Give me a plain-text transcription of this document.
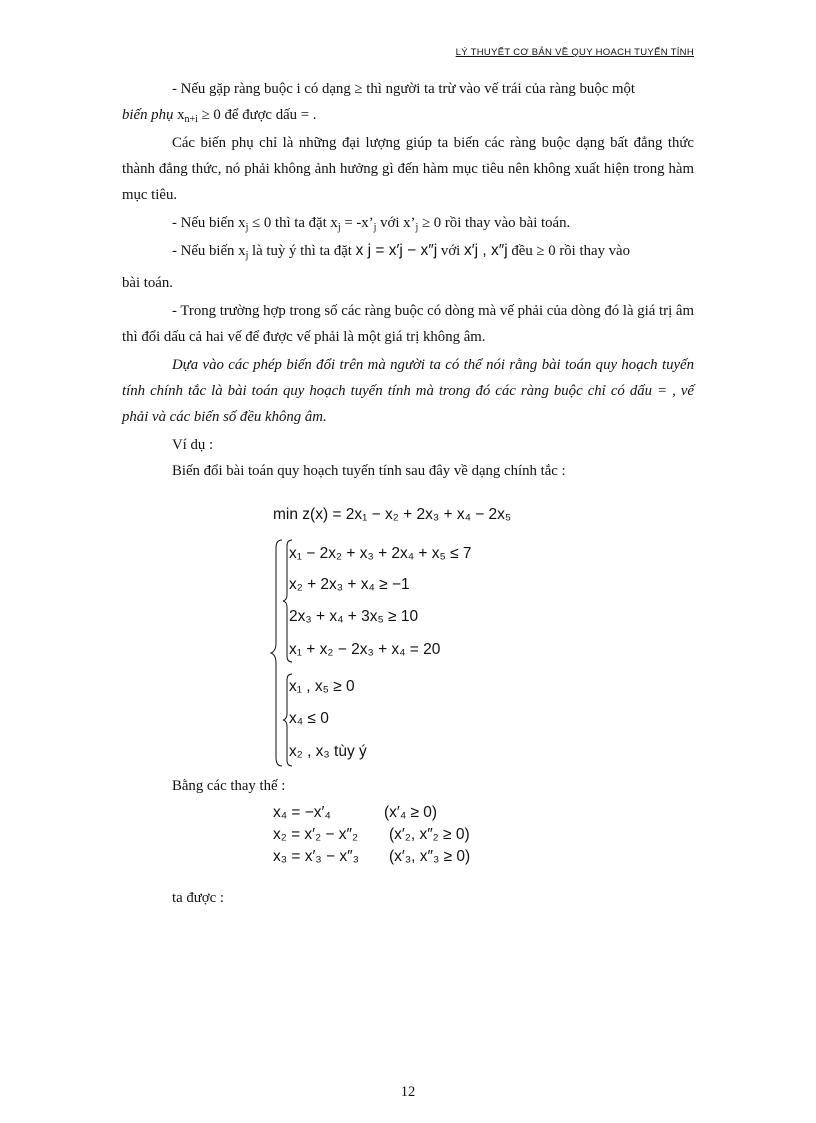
LÝ THUYẾT CƠ BẢN VỀ QUY HOẠCH TUYẾN TÍNH

- Nếu gặp ràng buộc i có dạng ≥ thì người ta trừ vào vế trái của ràng buộc một

biến phụ $x_{n+i} \ge 0$ để được dấu = .

Các biến phụ chỉ là những đại lượng giúp ta biến các ràng buộc dạng bất đẳng thức thành đẳng thức, nó phải không ảnh hưởng gì đến hàm mục tiêu nên không xuất hiện trong hàm mục tiêu.

- Nếu biến $x_j \le 0$ thì ta đặt $x_j$ = $-x’_j$ với $x’_j \ge 0$ rồi thay vào bài toán.

- Nếu biến $x_j$ là tuỳ ý thì ta đặt x j = x′j − x″j với x′j , x″j đều ≥ 0 rồi thay vào

bài toán.

- Trong trường hợp trong số các ràng buộc có dòng mà vế phải của dòng đó là giá trị âm thì đổi dấu cả hai vế để được vế phải là một giá trị không âm.

Dựa vào các phép biến đổi trên mà người ta có thể nói rằng bài toán quy hoạch tuyến tính chính tắc là bài toán quy hoạch tuyến tính mà trong đó các ràng buộc chỉ có dấu = , vế phải và các biến số đều không âm.

Ví dụ :

Biến đổi bài toán quy hoạch tuyến tính sau đây về dạng chính tắc :

min z(x) = 2x₁ − x₂ + 2x₃ + x₄ − 2x₅
x₁ − 2x₂ + x₃ + 2x₄ + x₅ ≤ 7
x₂ + 2x₃ + x₄ ≥ −1
2x₃ + x₄ + 3x₅ ≥ 10
x₁ + x₂ − 2x₃ + x₄ = 20
x₁ , x₅ ≥ 0
x₄ ≤ 0
x₂ , x₃ tùy ý
Bằng các thay thế :
x₄ = −x′₄	(x′₄ ≥ 0)
x₂ = x′₂ − x″₂ (x′₂, x″₂ ≥ 0)
x₃ = x′₃ − x″₃ (x′₃, x″₃ ≥ 0)
ta được :
12
